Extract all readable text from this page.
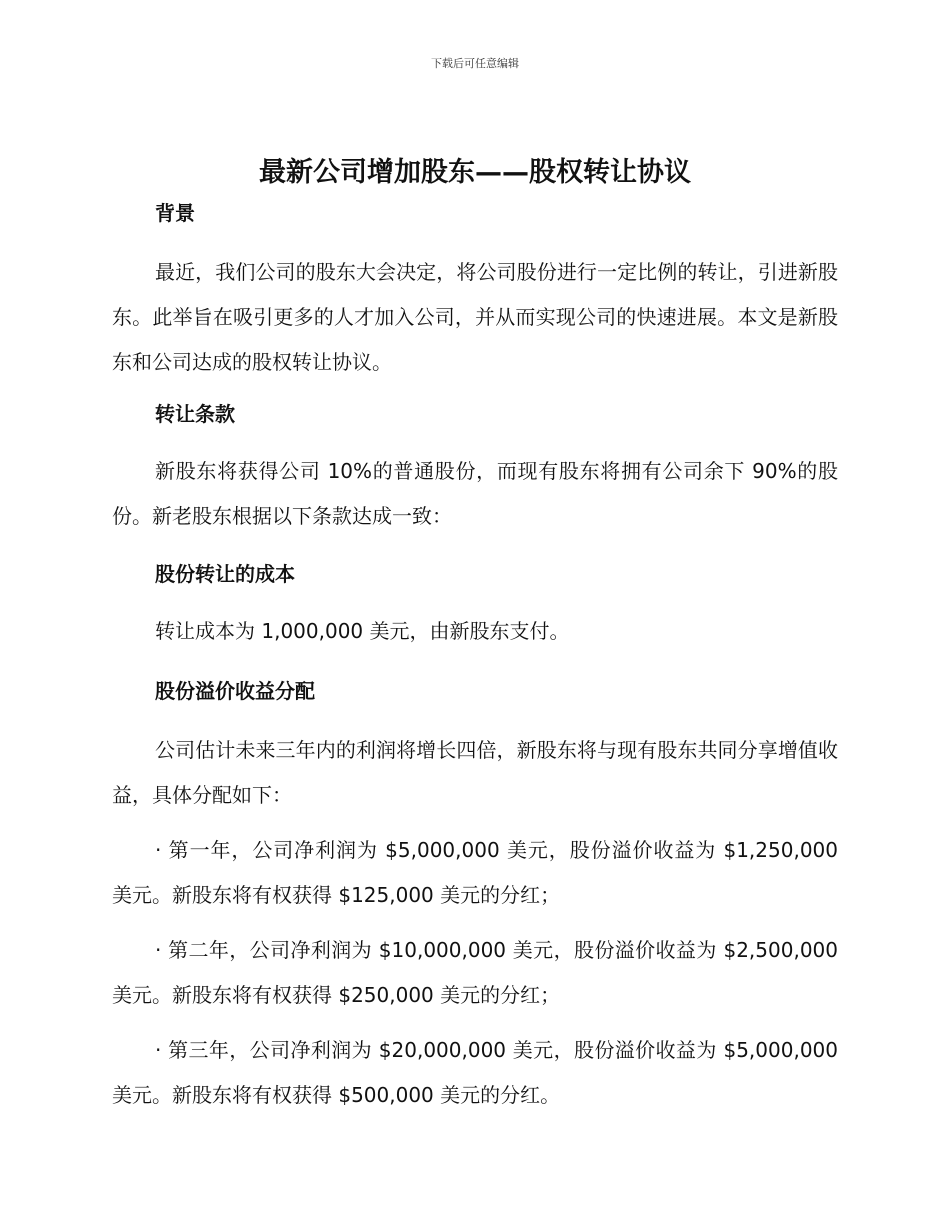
下载后可任意编辑
最新公司增加股东——股权转让协议
背景

最近，我们公司的股东大会决定，将公司股份进行一定比例的转让，引进新股东。此举旨在吸引更多的人才加入公司，并从而实现公司的快速进展。本文是新股东和公司达成的股权转让协议。

转让条款

新股东将获得公司 10%的普通股份，而现有股东将拥有公司余下 90%的股份。新老股东根据以下条款达成一致：

股份转让的成本

转让成本为 1,000,000 美元，由新股东支付。

股份溢价收益分配

公司估计未来三年内的利润将增长四倍，新股东将与现有股东共同分享增值收益，具体分配如下：

· 第一年，公司净利润为 $5,000,000 美元，股份溢价收益为 $1,250,000 美元。新股东将有权获得 $125,000 美元的分红；

· 第二年，公司净利润为 $10,000,000 美元，股份溢价收益为 $2,500,000 美元。新股东将有权获得 $250,000 美元的分红；

· 第三年，公司净利润为 $20,000,000 美元，股份溢价收益为 $5,000,000 美元。新股东将有权获得 $500,000 美元的分红。
